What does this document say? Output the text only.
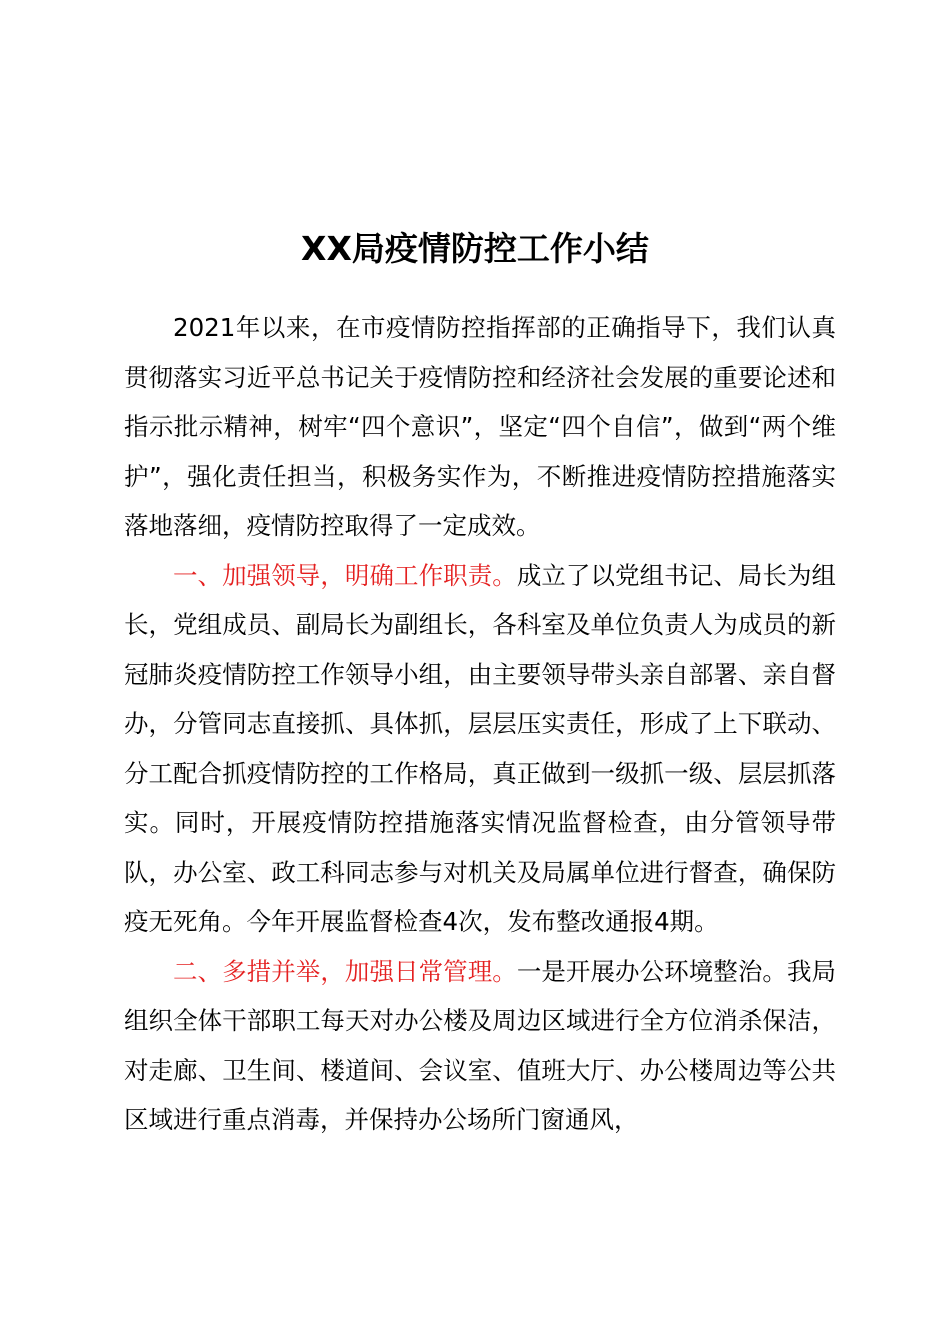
XX局疫情防控工作小结

2021年以来，在市疫情防控指挥部的正确指导下，我们认真贯彻落实习近平总书记关于疫情防控和经济社会发展的重要论述和指示批示精神，树牢“四个意识”，坚定“四个自信”，做到“两个维护”，强化责任担当，积极务实作为，不断推进疫情防控措施落实落地落细，疫情防控取得了一定成效。

一、加强领导，明确工作职责。成立了以党组书记、局长为组长，党组成员、副局长为副组长，各科室及单位负责人为成员的新冠肺炎疫情防控工作领导小组，由主要领导带头亲自部署、亲自督办，分管同志直接抓、具体抓，层层压实责任，形成了上下联动、分工配合抓疫情防控的工作格局，真正做到一级抓一级、层层抓落实。同时，开展疫情防控措施落实情况监督检查，由分管领导带队，办公室、政工科同志参与对机关及局属单位进行督查，确保防疫无死角。今年开展监督检查4次，发布整改通报4期。

二、多措并举，加强日常管理。一是开展办公环境整治。我局组织全体干部职工每天对办公楼及周边区域进行全方位消杀保洁，对走廊、卫生间、楼道间、会议室、值班大厅、办公楼周边等公共区域进行重点消毒，并保持办公场所门窗通风，
